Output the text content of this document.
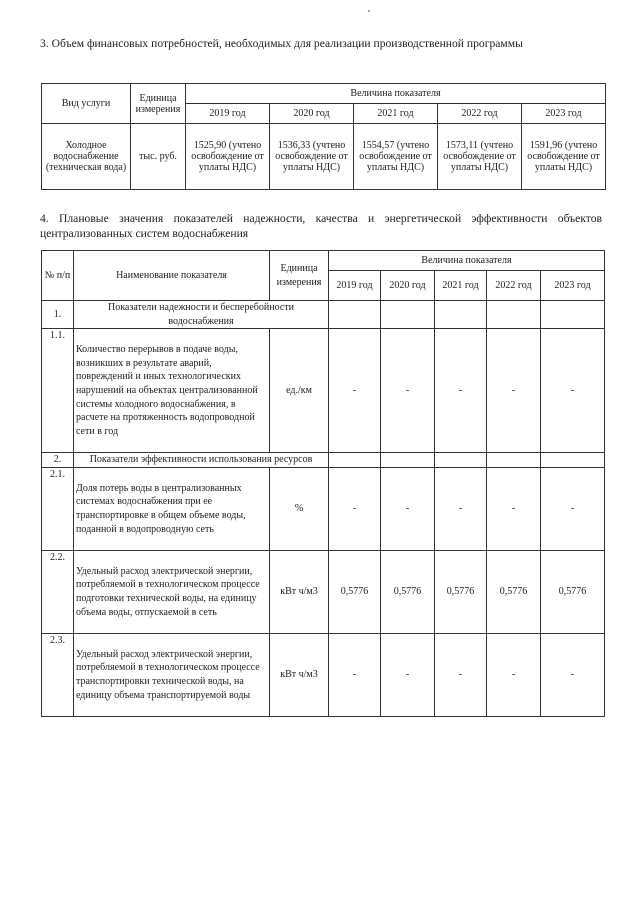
3. Объем финансовых потребностей, необходимых для реализации производственной программы
Вид услуги	Единица измерения	Величина показателя				
		2019 год	2020 год	2021 год	2022 год	2023 год
Холодное водоснабжение (техническая вода)	тыс. руб.	1525,90 (учтено освобождение от уплаты НДС)	1536,33 (учтено освобождение от уплаты НДС)	1554,57 (учтено освобождение от уплаты НДС)	1573,11 (учтено освобождение от уплаты НДС)	1591,96 (учтено освобождение от уплаты НДС)
4. Плановые значения показателей надежности, качества и энергетической эффективности объектов централизованных систем водоснабжения
№ п/п	Наименование показателя	Единица измерения	Величина показателя				
			2019 год	2020 год	2021 год	2022 год	2023 год
1.	Показатели надежности и бесперебойности водоснабжения						
1.1.	Количество перерывов в подаче воды, возникших в результате аварий, повреждений и иных технологических нарушений на объектах централизованной системы холодного водоснабжения, в расчете на протяженность водопроводной сети в год	ед./км	-	-	-	-	-
2.	Показатели эффективности использования ресурсов						
2.1.	Доля потерь воды в централизованных системах водоснабжения при ее транспортировке в общем объеме воды, поданной в водопроводную сеть	%	-	-	-	-	-
2.2.	Удельный расход электрической энергии, потребляемой в технологическом процессе подготовки технической воды, на единицу объема воды, отпускаемой в сеть	кВт ч/м3	0,5776	0,5776	0,5776	0,5776	0,5776
2.3.	Удельный расход электрической энергии, потребляемой в технологическом процессе транспортировки технической воды, на единицу объема транспортируемой воды	кВт ч/м3	-	-	-	-	-
